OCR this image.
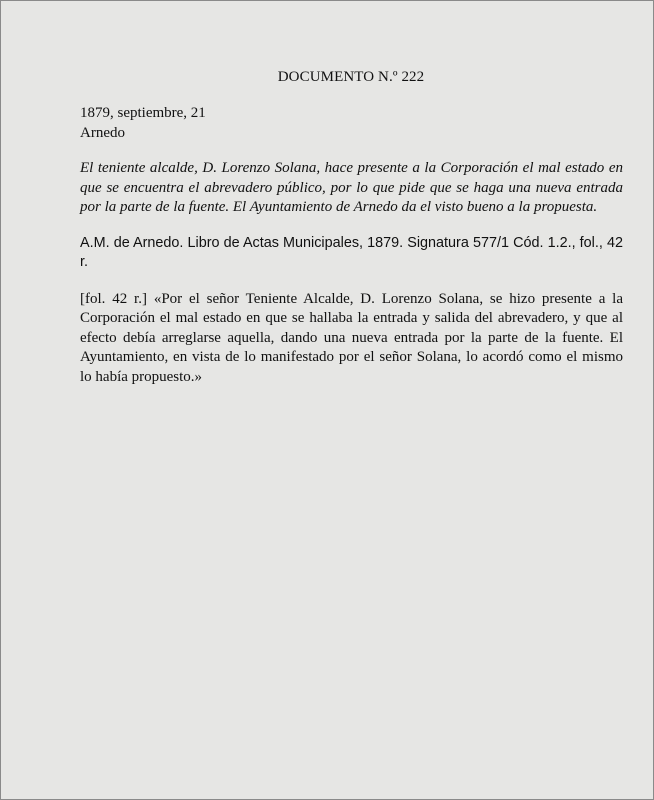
DOCUMENTO N.º 222
1879, septiembre, 21
Arnedo
El teniente alcalde, D. Lorenzo Solana, hace presente a la Corporación el mal estado en que se encuentra el abrevadero público, por lo que pide que se haga una nueva entrada por la parte de la fuente. El Ayuntamiento de Arnedo da el visto bueno a la propuesta.
A.M. de Arnedo. Libro de Actas Municipales, 1879. Signatura 577/1 Cód. 1.2., fol., 42 r.
[fol. 42 r.] «Por el señor Teniente Alcalde, D. Lorenzo Solana, se hizo presente a la Corporación el mal estado en que se hallaba la entrada y salida del abrevadero, y que al efecto debía arreglarse aquella, dando una nueva entrada por la parte de la fuente. El Ayuntamiento, en vista de lo manifestado por el señor Solana, lo acordó como el mismo lo había propuesto.»
